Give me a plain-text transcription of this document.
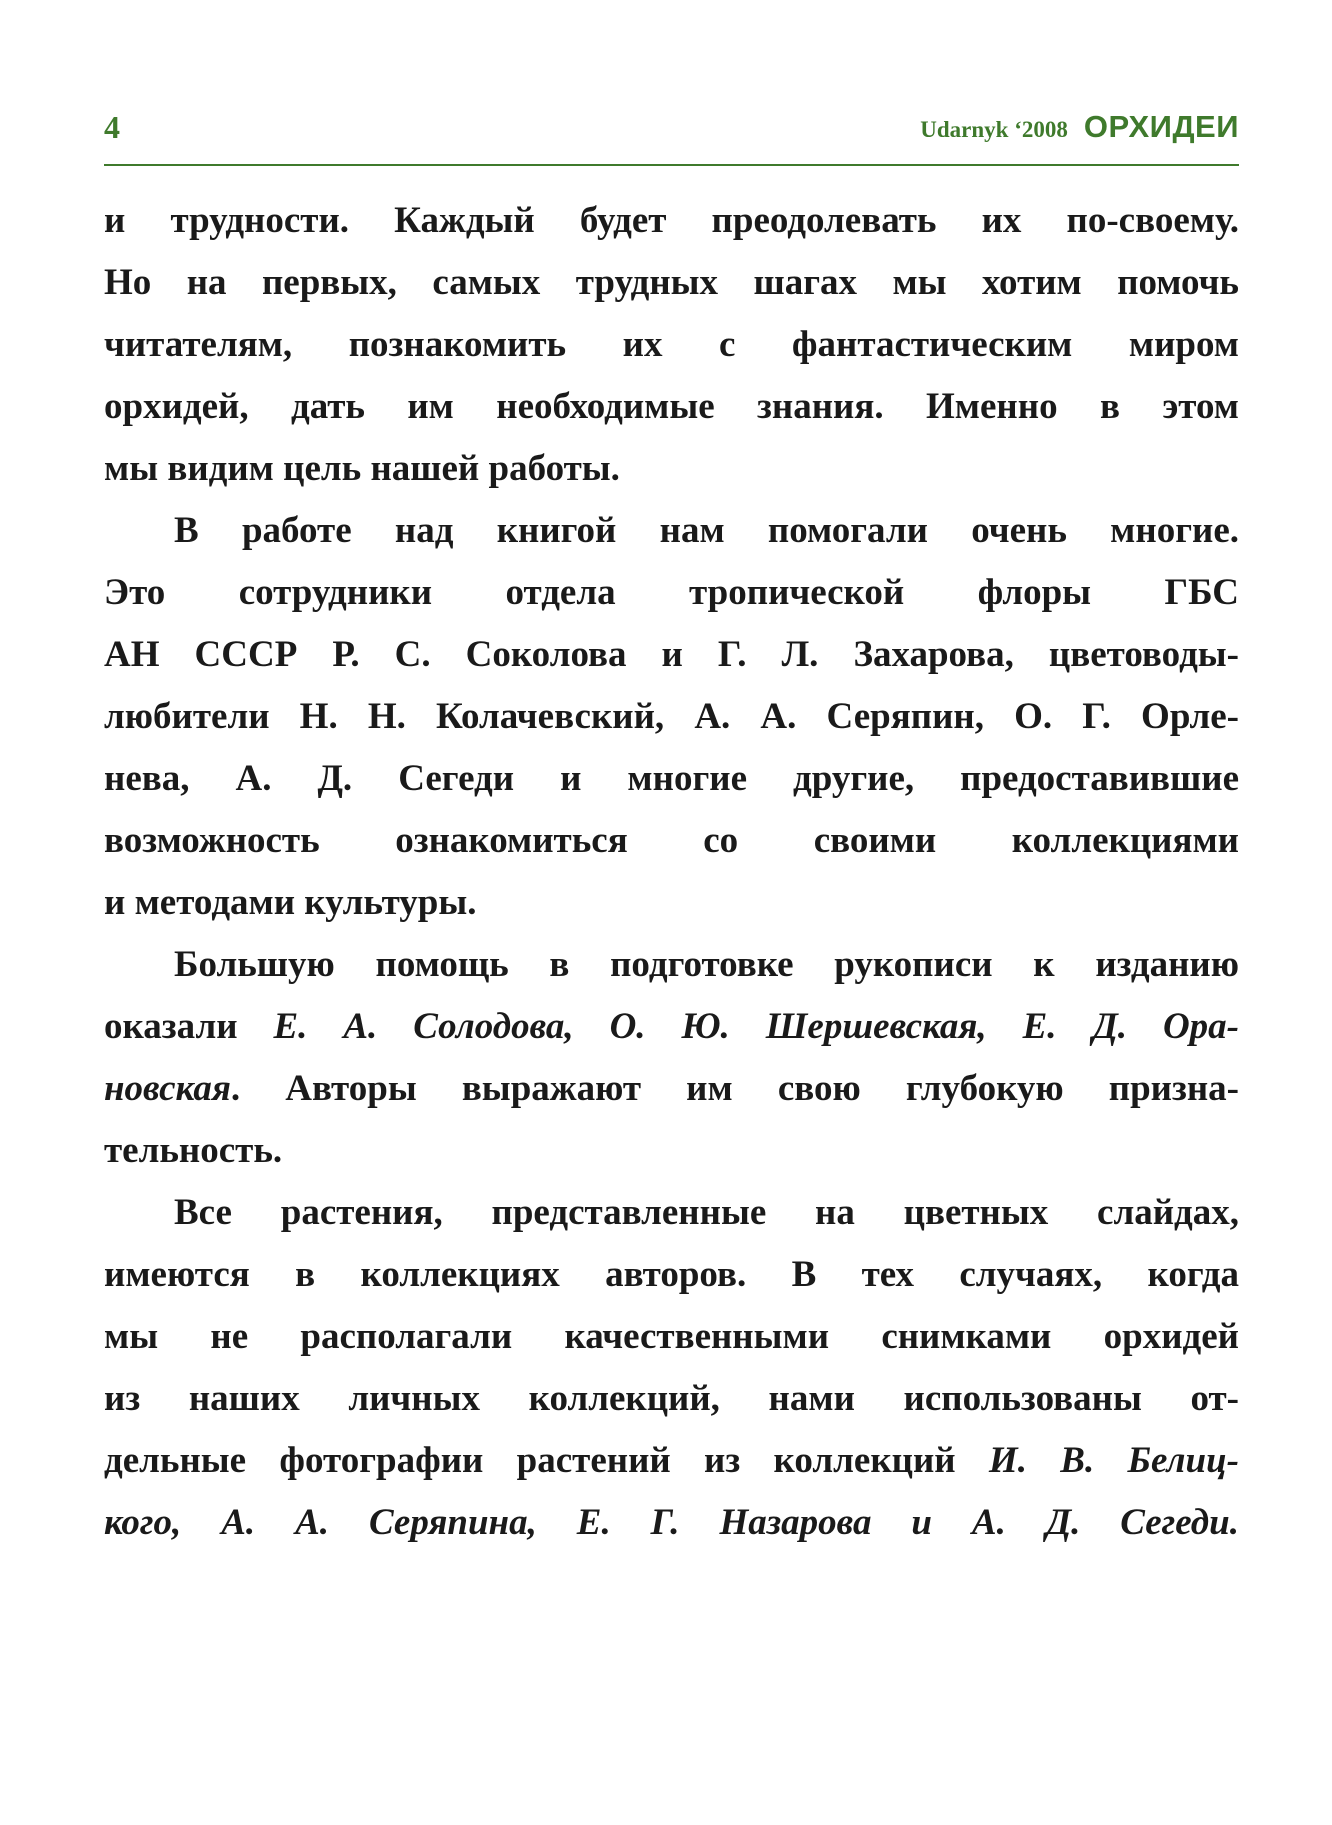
4	Udarnyk ‘2008 ОРХИДЕИ
и трудности. Каждый будет преодолевать их по-своему.
Но на первых, самых трудных шагах мы хотим помочь
читателям, познакомить их с фантастическим миром
орхидей, дать им необходимые знания. Именно в этом
мы видим цель нашей работы.
В работе над книгой нам помогали очень многие.
Это сотрудники отдела тропической флоры ГБС
АН СССР Р. С. Соколова и Г. Л. Захарова, цветоводы-
любители Н. Н. Колачевский, А. А. Серяпин, О. Г. Орле-
нева, А. Д. Сегеди и многие другие, предоставившие
возможность ознакомиться со своими коллекциями
и методами культуры.
Большую помощь в подготовке рукописи к изданию
оказали Е. А. Солодова, О. Ю. Шершевская, Е. Д. Ора-
новская. Авторы выражают им свою глубокую призна-
тельность.
Все растения, представленные на цветных слайдах,
имеются в коллекциях авторов. В тех случаях, когда
мы не располагали качественными снимками орхидей
из наших личных коллекций, нами использованы от-
дельные фотографии растений из коллекций И. В. Белиц-
кого, А. А. Серяпина, Е. Г. Назарова и А. Д. Сегеди.
